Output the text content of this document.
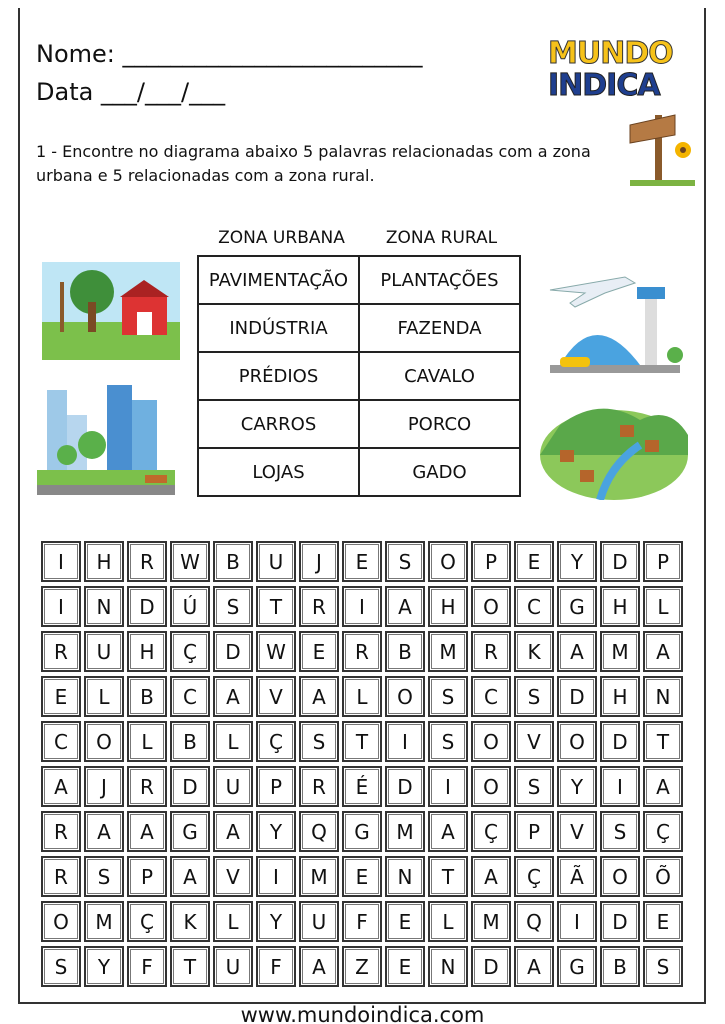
Nome: _________________________
Data ___/___/___
MUNDO
INDICA
1 - Encontre no diagrama abaixo 5 palavras relacionadas com a zona urbana e 5 relacionadas com a zona rural.
ZONA URBANA	ZONA RURAL
PAVIMENTAÇÃO	PLANTAÇÕES
INDÚSTRIA	FAZENDA
PRÉDIOS	CAVALO
CARROS	PORCO
LOJAS	GADO
I	H	R	W	B	U	J	E	S	O	P	E	Y	D	P
I	N	D	Ú	S	T	R	I	A	H	O	C	G	H	L
R	U	H	Ç	D	W	E	R	B	M	R	K	A	M	A
E	L	B	C	A	V	A	L	O	S	C	S	D	H	N
C	O	L	B	L	Ç	S	T	I	S	O	V	O	D	T
A	J	R	D	U	P	R	É	D	I	O	S	Y	I	A
R	A	A	G	A	Y	Q	G	M	A	Ç	P	V	S	Ç
R	S	P	A	V	I	M	E	N	T	A	Ç	Ã	O	Õ
O	M	Ç	K	L	Y	U	F	E	L	M	Q	I	D	E
S	Y	F	T	U	F	A	Z	E	N	D	A	G	B	S
www.mundoindica.com
